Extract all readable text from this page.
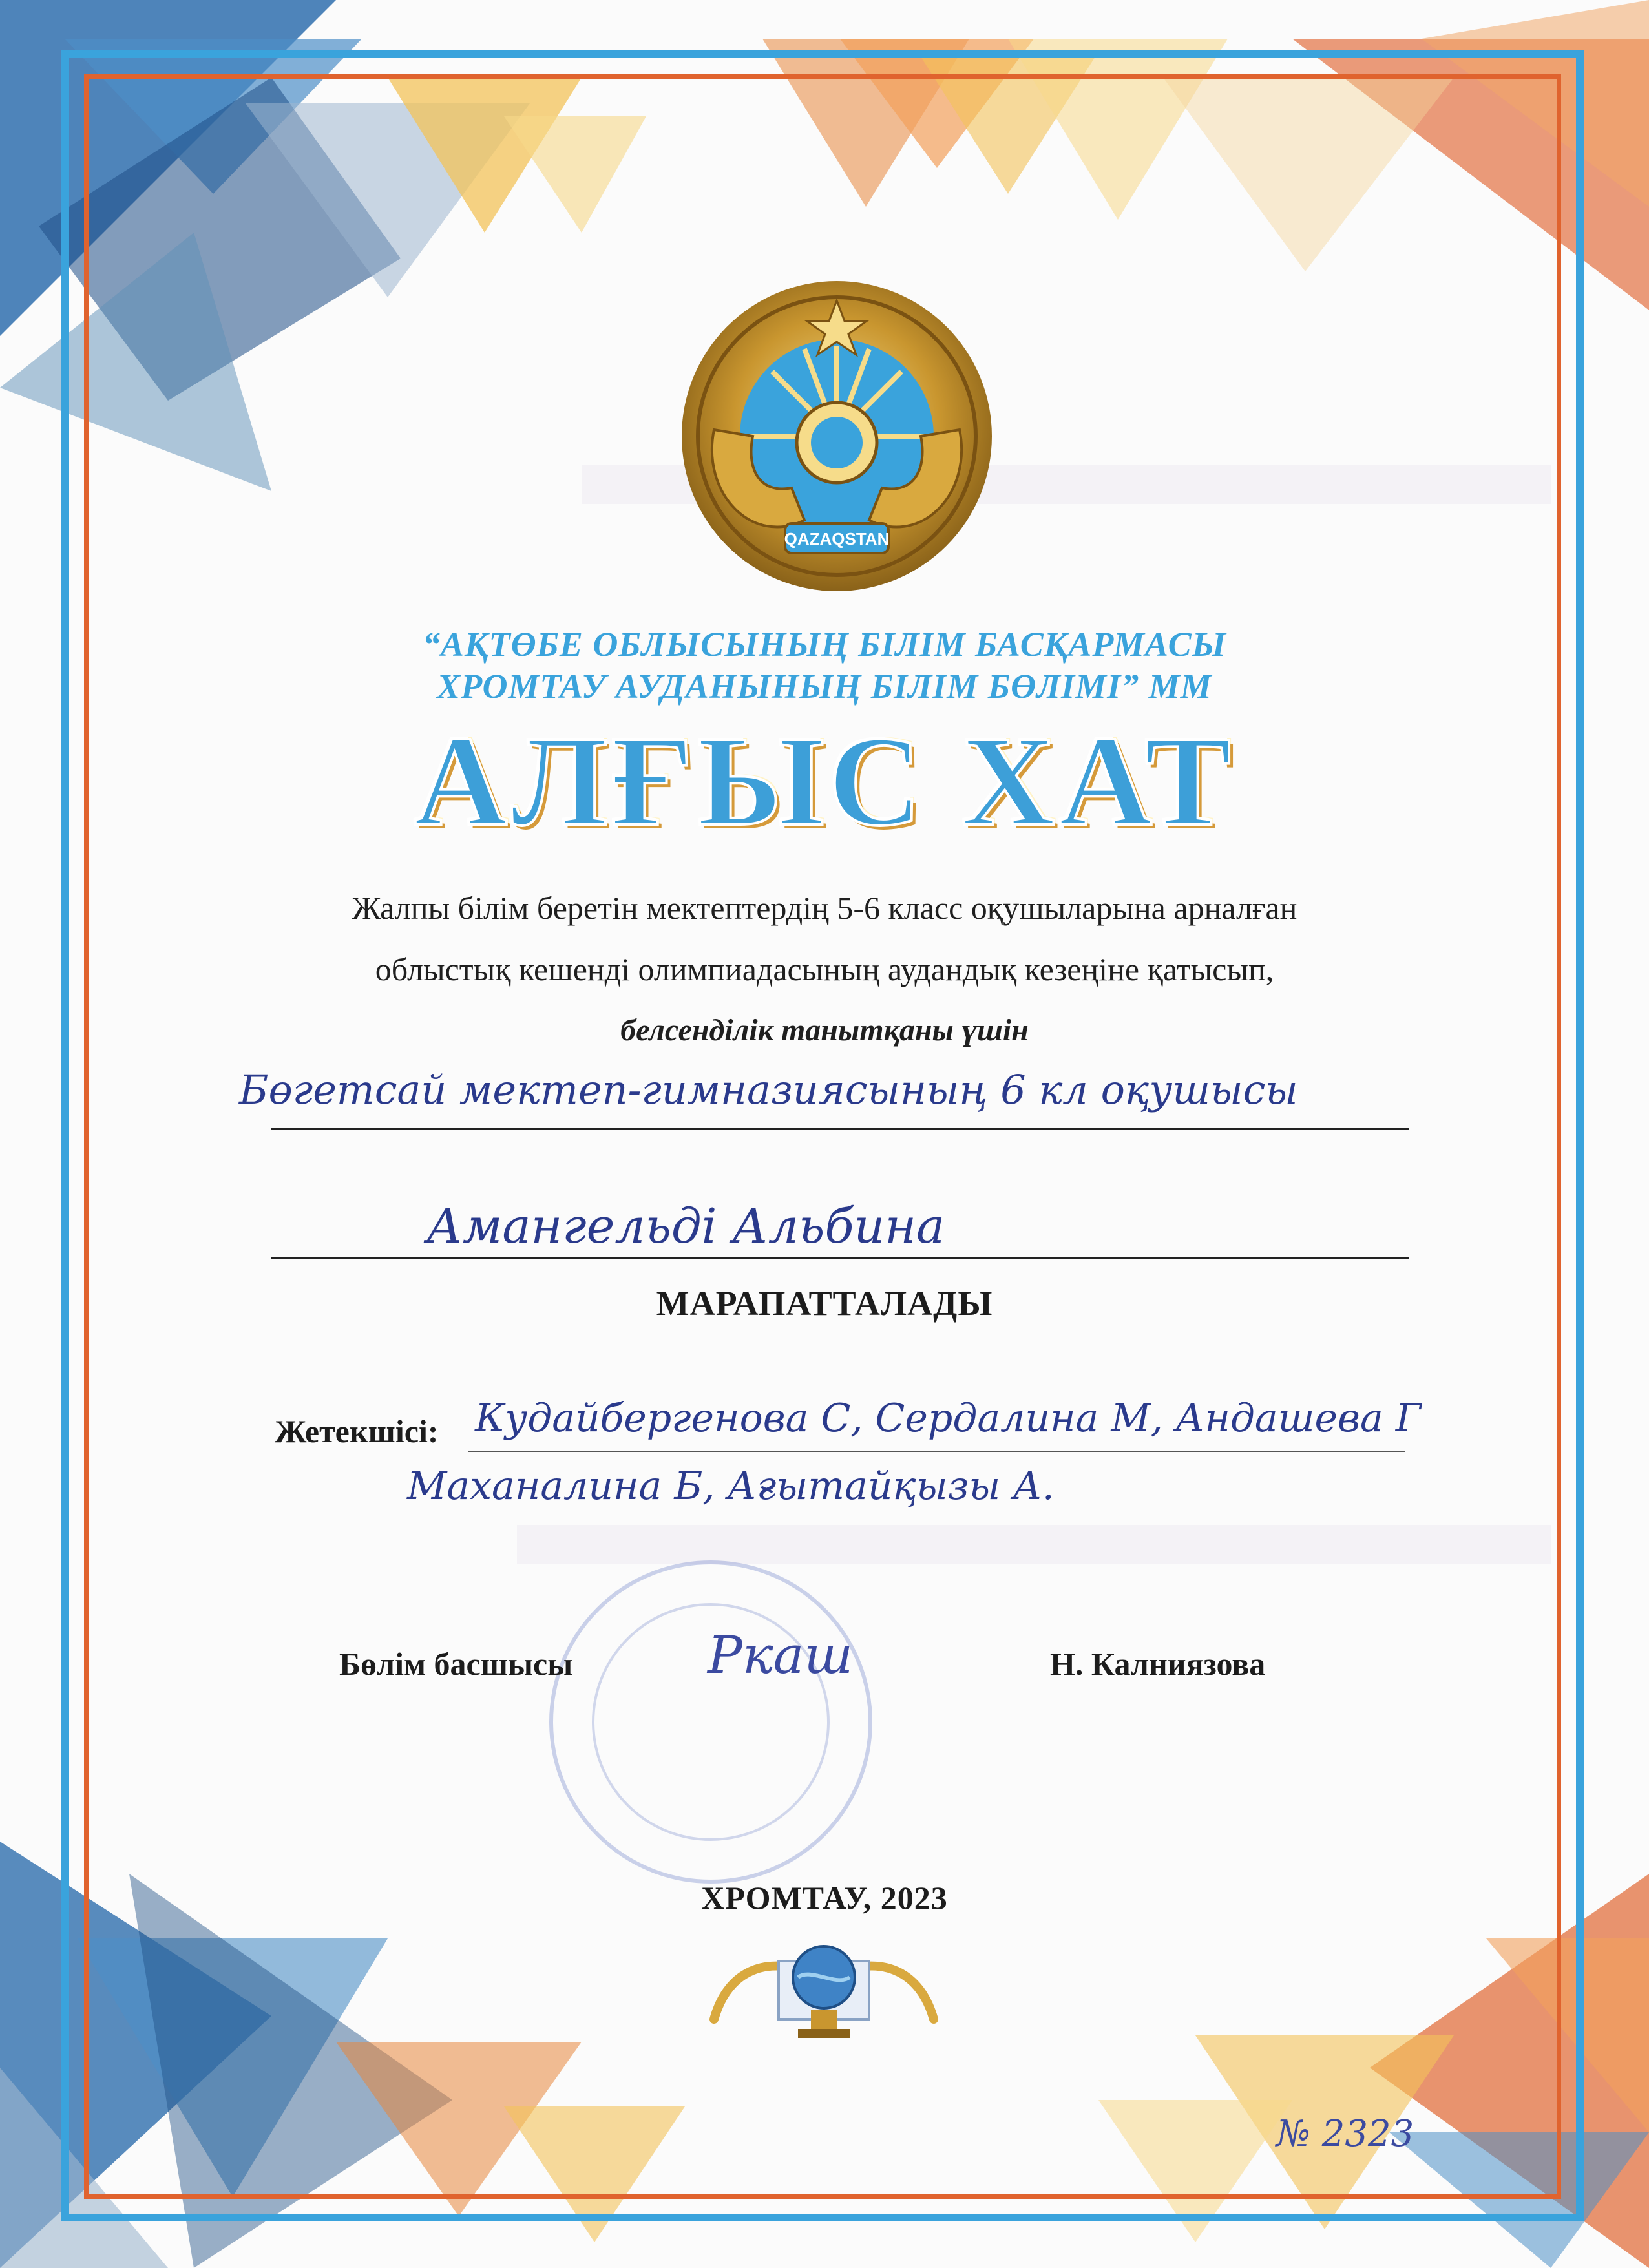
QAZAQSTAN
“АҚТӨБЕ ОБЛЫСЫНЫҢ БІЛІМ БАСҚАРМАСЫ
ХРОМТАУ АУДАНЫНЫҢ БІЛІМ БӨЛІМІ” ММ
АЛҒЫС ХАТ
Жалпы білім беретін мектептердің 5-6 класс оқушыларына арналған
облыстық кешенді олимпиадасының аудандық кезеңіне қатысып,
белсенділік танытқаны үшін
Бөгетсай мектеп-гимназиясының 6 кл оқушысы
Амангельді Альбина
МАРАПАТТАЛАДЫ
Жетекшісі: Кудайбергенова С, Сердалина М, Андашева Г
Маханалина Б, Ағытайқызы А.
Бөлім басшысы	Ркаш	Н. Калниязова
ХРОМТАУ, 2023
№ 2323
